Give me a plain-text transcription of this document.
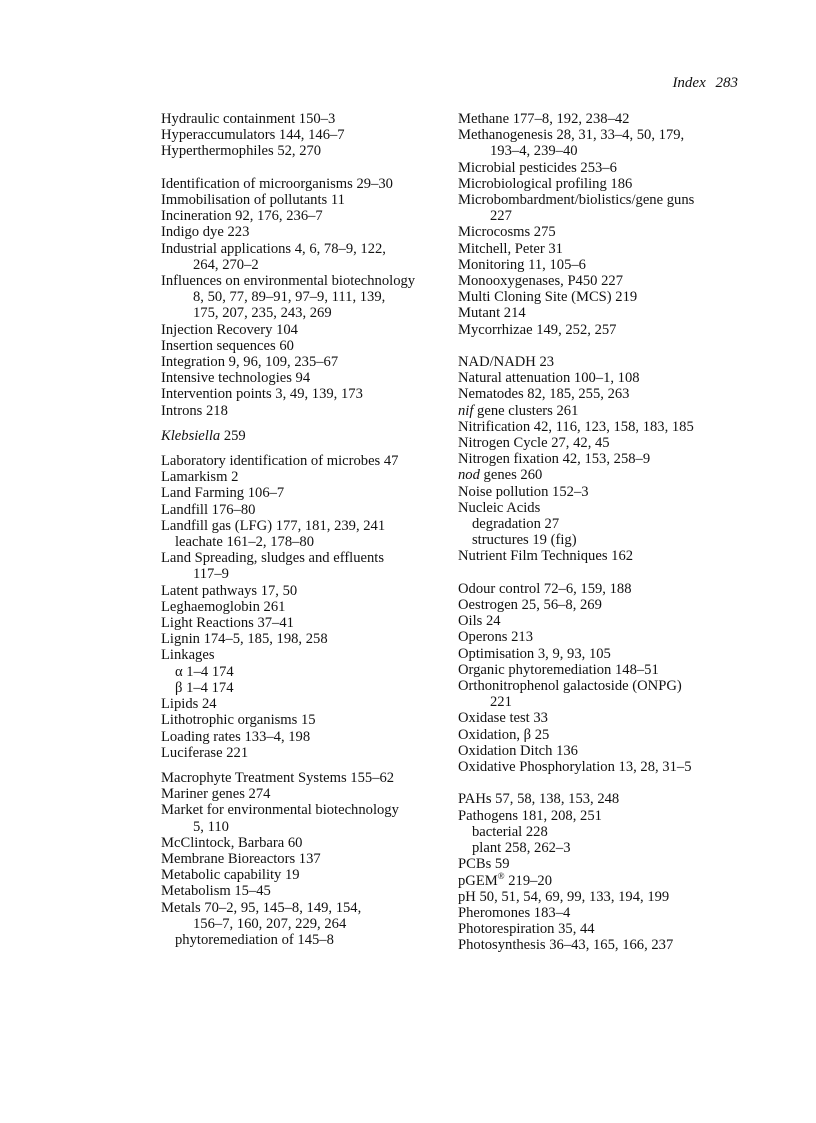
Index 283
Hydraulic containment 150–3
Hyperaccumulators 144, 146–7
Hyperthermophiles 52, 270
Identification of microorganisms 29–30
Immobilisation of pollutants 11
Incineration 92, 176, 236–7
Indigo dye 223
Industrial applications 4, 6, 78–9, 122,
264, 270–2
Influences on environmental biotechnology
8, 50, 77, 89–91, 97–9, 111, 139,
175, 207, 235, 243, 269
Injection Recovery 104
Insertion sequences 60
Integration 9, 96, 109, 235–67
Intensive technologies 94
Intervention points 3, 49, 139, 173
Introns 218
Klebsiella 259
Laboratory identification of microbes 47
Lamarkism 2
Land Farming 106–7
Landfill 176–80
Landfill gas (LFG) 177, 181, 239, 241
leachate 161–2, 178–80
Land Spreading, sludges and effluents
117–9
Latent pathways 17, 50
Leghaemoglobin 261
Light Reactions 37–41
Lignin 174–5, 185, 198, 258
Linkages
α 1–4 174
β 1–4 174
Lipids 24
Lithotrophic organisms 15
Loading rates 133–4, 198
Luciferase 221
Macrophyte Treatment Systems 155–62
Mariner genes 274
Market for environmental biotechnology
5, 110
McClintock, Barbara 60
Membrane Bioreactors 137
Metabolic capability 19
Metabolism 15–45
Metals 70–2, 95, 145–8, 149, 154,
156–7, 160, 207, 229, 264
phytoremediation of 145–8
Methane 177–8, 192, 238–42
Methanogenesis 28, 31, 33–4, 50, 179,
193–4, 239–40
Microbial pesticides 253–6
Microbiological profiling 186
Microbombardment/biolistics/gene guns
227
Microcosms 275
Mitchell, Peter 31
Monitoring 11, 105–6
Monooxygenases, P450 227
Multi Cloning Site (MCS) 219
Mutant 214
Mycorrhizae 149, 252, 257
NAD/NADH 23
Natural attenuation 100–1, 108
Nematodes 82, 185, 255, 263
nif gene clusters 261
Nitrification 42, 116, 123, 158, 183, 185
Nitrogen Cycle 27, 42, 45
Nitrogen fixation 42, 153, 258–9
nod genes 260
Noise pollution 152–3
Nucleic Acids
degradation 27
structures 19 (fig)
Nutrient Film Techniques 162
Odour control 72–6, 159, 188
Oestrogen 25, 56–8, 269
Oils 24
Operons 213
Optimisation 3, 9, 93, 105
Organic phytoremediation 148–51
Orthonitrophenol galactoside (ONPG)
221
Oxidase test 33
Oxidation, β 25
Oxidation Ditch 136
Oxidative Phosphorylation 13, 28, 31–5
PAHs 57, 58, 138, 153, 248
Pathogens 181, 208, 251
bacterial 228
plant 258, 262–3
PCBs 59
pGEM® 219–20
pH 50, 51, 54, 69, 99, 133, 194, 199
Pheromones 183–4
Photorespiration 35, 44
Photosynthesis 36–43, 165, 166, 237
